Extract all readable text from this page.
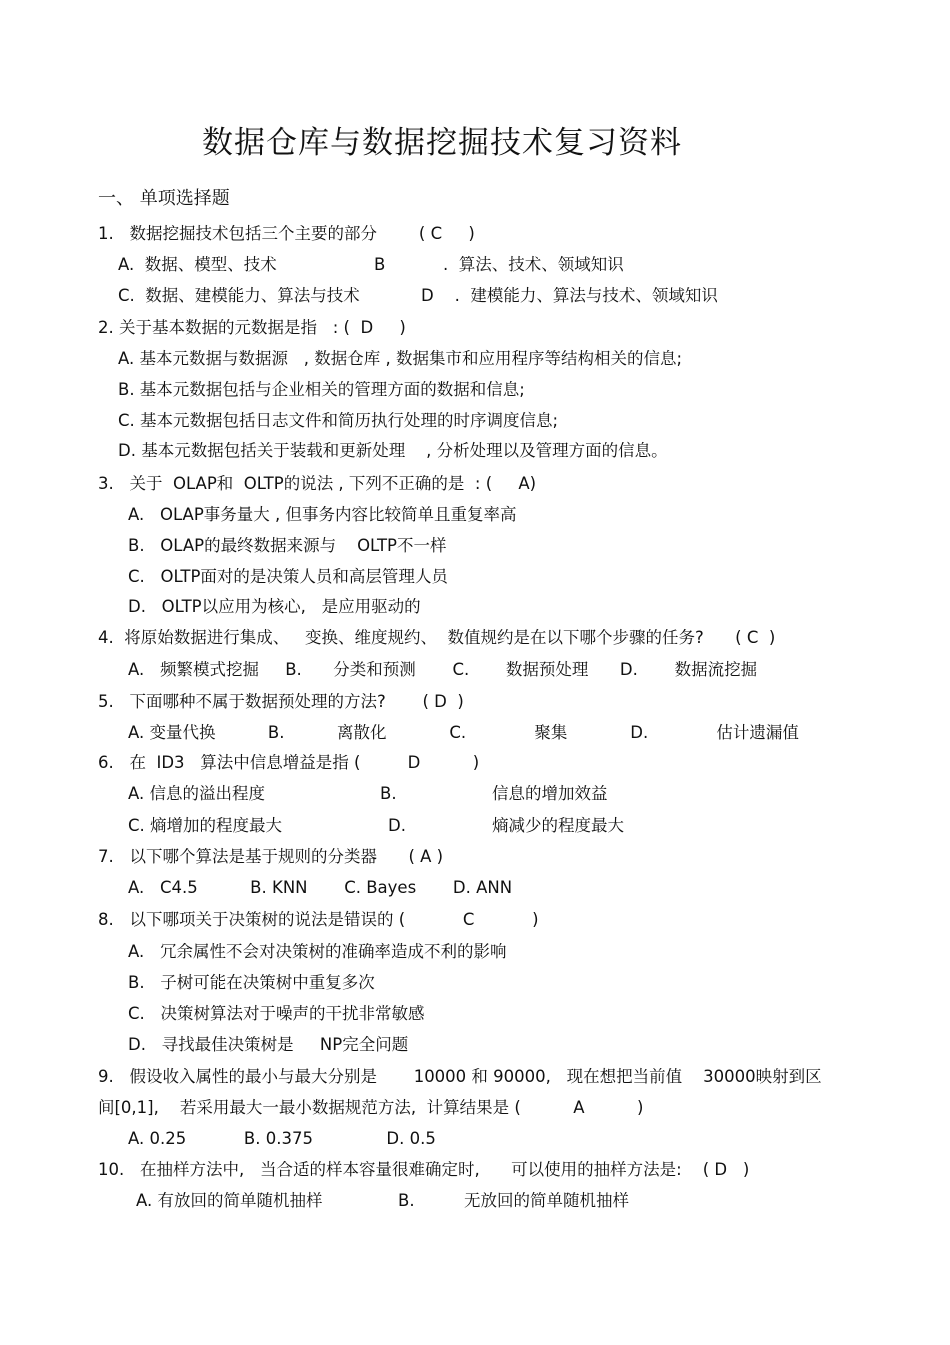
数据仓库与数据挖掘技术复习资料
一、 单项选择题
1.   数据挖掘技术包括三个主要的部分        ( C     )
A.  数据、模型、技术	B           .  算法、技术、领域知识
C.  数据、建模能力、算法与技术	D    .  建模能力、算法与技术、领域知识
2. 关于基本数据的元数据是指   : (  D     )
A. 基本元数据与数据源   , 数据仓库 , 数据集市和应用程序等结构相关的信息;
B. 基本元数据包括与企业相关的管理方面的数据和信息;
C. 基本元数据包括日志文件和简历执行处理的时序调度信息;
D. 基本元数据包括关于装载和更新处理    , 分析处理以及管理方面的信息。
3.   关于  OLAP和  OLTP的说法 , 下列不正确的是  : (     A)
A.   OLAP事务量大 , 但事务内容比较简单且重复率高
B.   OLAP的最终数据来源与    OLTP不一样
C.   OLTP面对的是决策人员和高层管理人员
D.   OLTP以应用为核心,   是应用驱动的
4.  将原始数据进行集成、   变换、维度规约、  数值规约是在以下哪个步骤的任务?      ( C  )
A.   频繁模式挖掘     B.      分类和预测       C.       数据预处理      D.       数据流挖掘
5.   下面哪种不属于数据预处理的方法?       ( D  )
A. 变量代换          B.          离散化            C.             聚集            D.             估计遗漏值
6.   在  ID3   算法中信息增益是指 (         D          )
A. 信息的溢出程度	B.	信息的增加效益
C. 熵增加的程度最大	D.	熵减少的程度最大
7.   以下哪个算法是基于规则的分类器      ( A )
A.   C4.5          B. KNN       C. Bayes       D. ANN
8.   以下哪项关于决策树的说法是错误的 (           C           )
A.   冗余属性不会对决策树的准确率造成不利的影响
B.   子树可能在决策树中重复多次
C.   决策树算法对于噪声的干扰非常敏感
D.   寻找最佳决策树是     NP完全问题
9.   假设收入属性的最小与最大分别是       10000 和 90000,   现在想把当前值    30000映射到区
间[0,1],    若采用最大一最小数据规范方法,  计算结果是 (          A          )
A. 0.25           B. 0.375              D. 0.5
10.   在抽样方法中,   当合适的样本容量很难确定时,      可以使用的抽样方法是:    ( D   )
A. 有放回的简单随机抽样	B.	无放回的简单随机抽样
